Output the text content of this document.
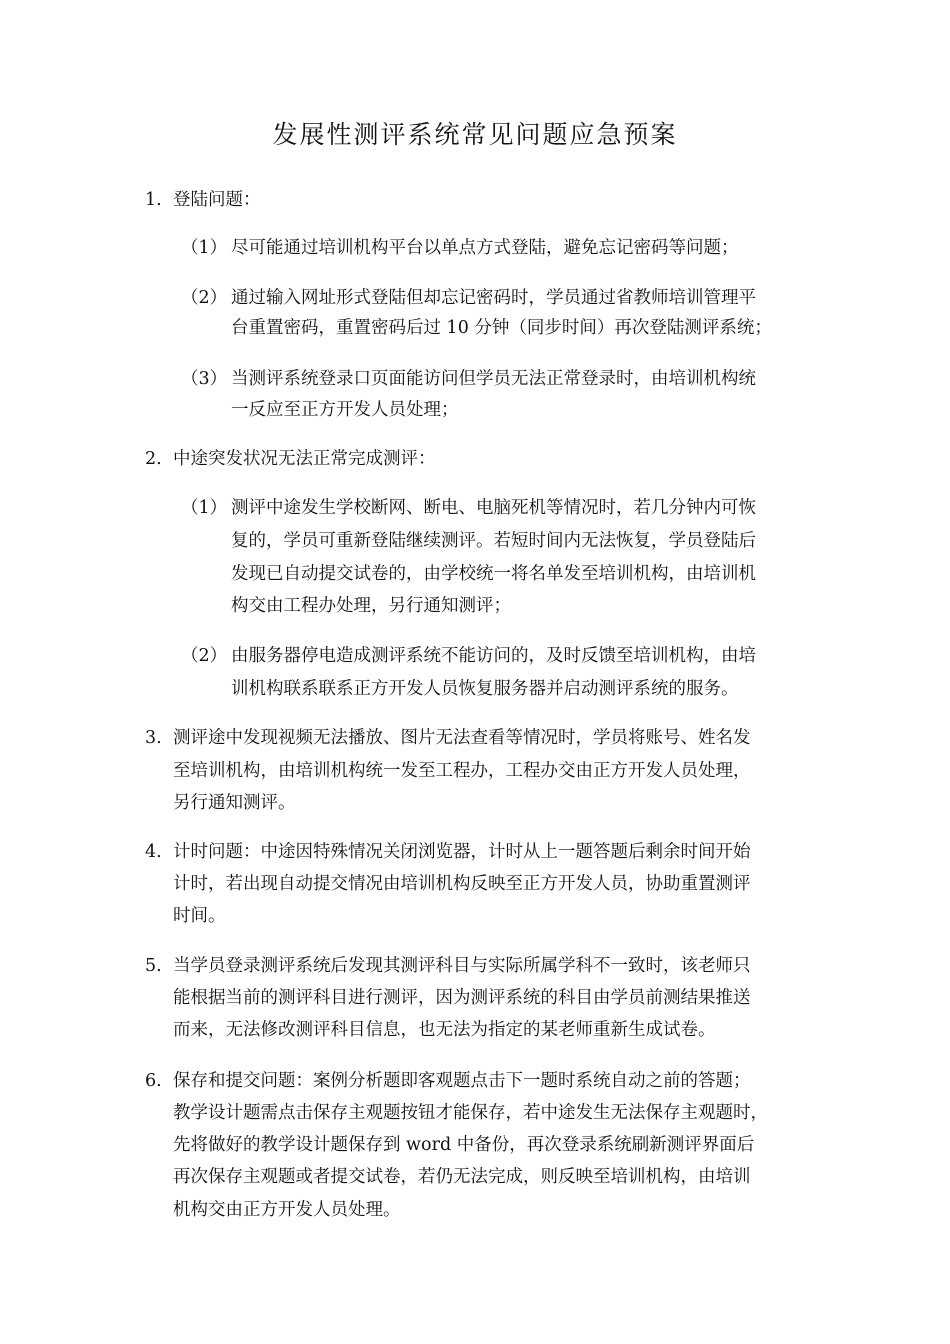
发展性测评系统常见问题应急预案
1. 登陆问题：
（1） 尽可能通过培训机构平台以单点方式登陆，避免忘记密码等问题；
（2） 通过输入网址形式登陆但却忘记密码时，学员通过省教师培训管理平
台重置密码，重置密码后过 10 分钟（同步时间）再次登陆测评系统；
（3） 当测评系统登录口页面能访问但学员无法正常登录时，由培训机构统
一反应至正方开发人员处理；
2. 中途突发状况无法正常完成测评：
（1） 测评中途发生学校断网、断电、电脑死机等情况时，若几分钟内可恢
复的，学员可重新登陆继续测评。若短时间内无法恢复，学员登陆后
发现已自动提交试卷的，由学校统一将名单发至培训机构，由培训机
构交由工程办处理，另行通知测评；
（2） 由服务器停电造成测评系统不能访问的，及时反馈至培训机构，由培
训机构联系联系正方开发人员恢复服务器并启动测评系统的服务。
3. 测评途中发现视频无法播放、图片无法查看等情况时，学员将账号、姓名发
至培训机构，由培训机构统一发至工程办，工程办交由正方开发人员处理，
另行通知测评。
4. 计时问题：中途因特殊情况关闭浏览器，计时从上一题答题后剩余时间开始
计时，若出现自动提交情况由培训机构反映至正方开发人员，协助重置测评
时间。
5. 当学员登录测评系统后发现其测评科目与实际所属学科不一致时，该老师只
能根据当前的测评科目进行测评，因为测评系统的科目由学员前测结果推送
而来，无法修改测评科目信息，也无法为指定的某老师重新生成试卷。
6. 保存和提交问题：案例分析题即客观题点击下一题时系统自动之前的答题；
教学设计题需点击保存主观题按钮才能保存，若中途发生无法保存主观题时，
先将做好的教学设计题保存到 word 中备份，再次登录系统刷新测评界面后
再次保存主观题或者提交试卷，若仍无法完成，则反映至培训机构，由培训
机构交由正方开发人员处理。
